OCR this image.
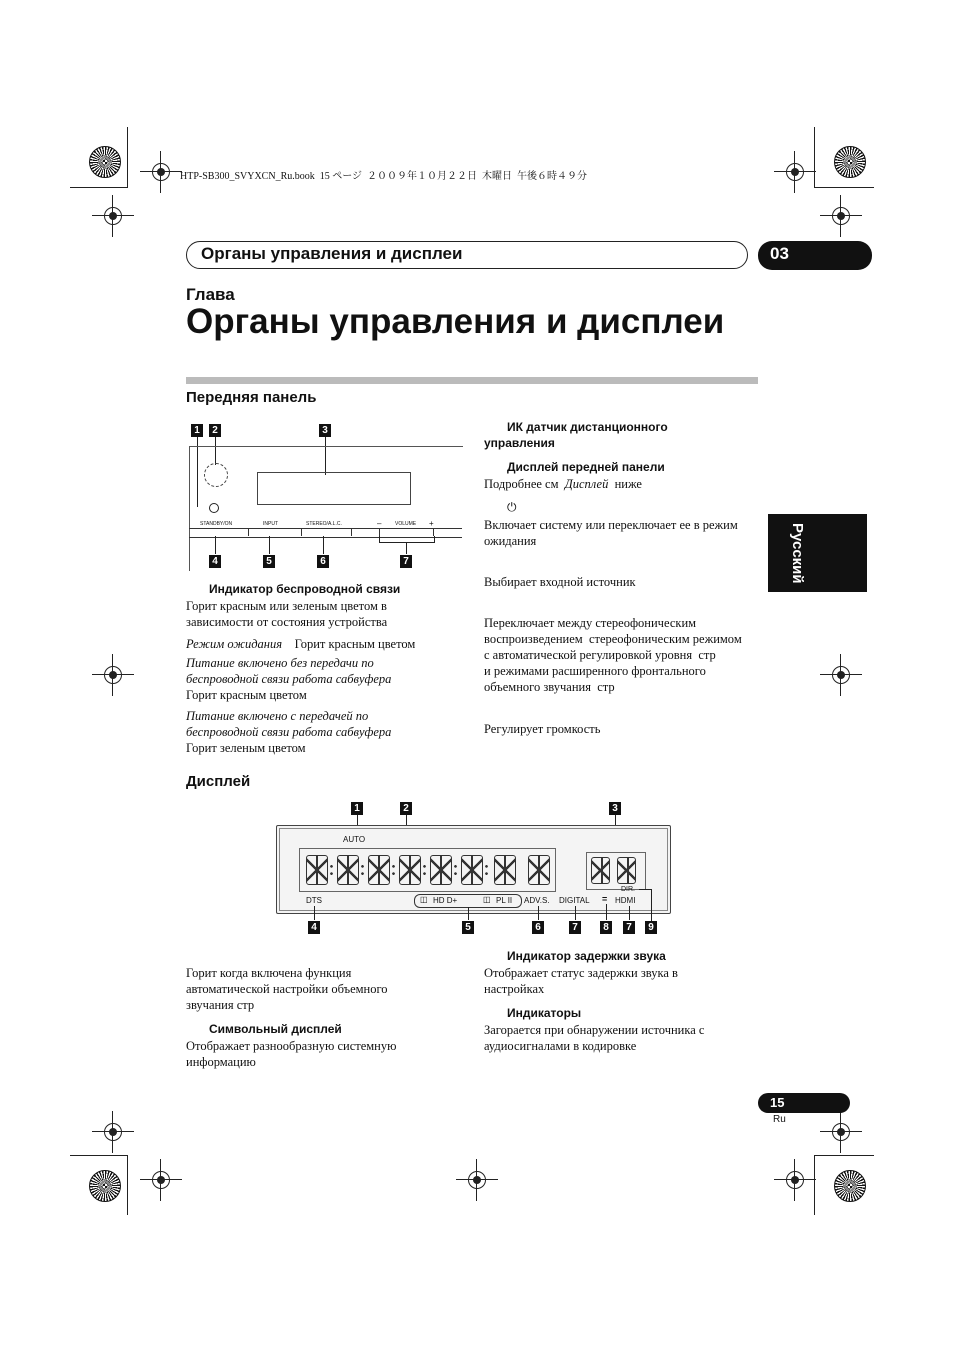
HTP-SB300_SVYXCN_Ru.book  15 ページ  ２００９年１０月２２日  木曜日  午後６時４９分
Органы управления и дисплеи	03
Глава
Органы управления и дисплеи
Русский
Передняя панель
1	2	3
STANDBY/ON	INPUT	STEREO/A.L.C.	–	VOLUME +
4	5	6	7
Индикатор беспроводной связи
Горит красным или зеленым цветом в зависимости от состояния устройства
Режим ожидания Горит красным цветом
Питание включено без передачи по беспроводной связи работа сабвуфера
Горит красным цветом
Питание включено с передачей по беспроводной связи работа сабвуфера
Горит зеленым цветом
ИК датчик дистанционного управления
Дисплей передней панели
Подробнее см Дисплей ниже
⏻
Включает систему или переключает ее в режим ожидания
Выбирает входной источник
Переключает между стереофоническим воспроизведением  стереофоническим режимом с автоматической регулировкой уровня  стр        и режимами расширенного фронтального объемного звучания  стр
Регулирует громкость
Дисплей
1	2	3
AUTO
DIR.
DTS	◫ HD D+	◫ PL II ADV.S. DIGITAL = HDMI
4	5	6	7	8	7	9
Горит когда включена функция автоматической настройки объемного звучания стр
Символьный дисплей
Отображает разнообразную системную информацию
Индикатор задержки звука
Отображает статус задержки звука в настройках
Индикаторы
Загорается при обнаружении источника с аудиосигналами в кодировке
15
Ru
